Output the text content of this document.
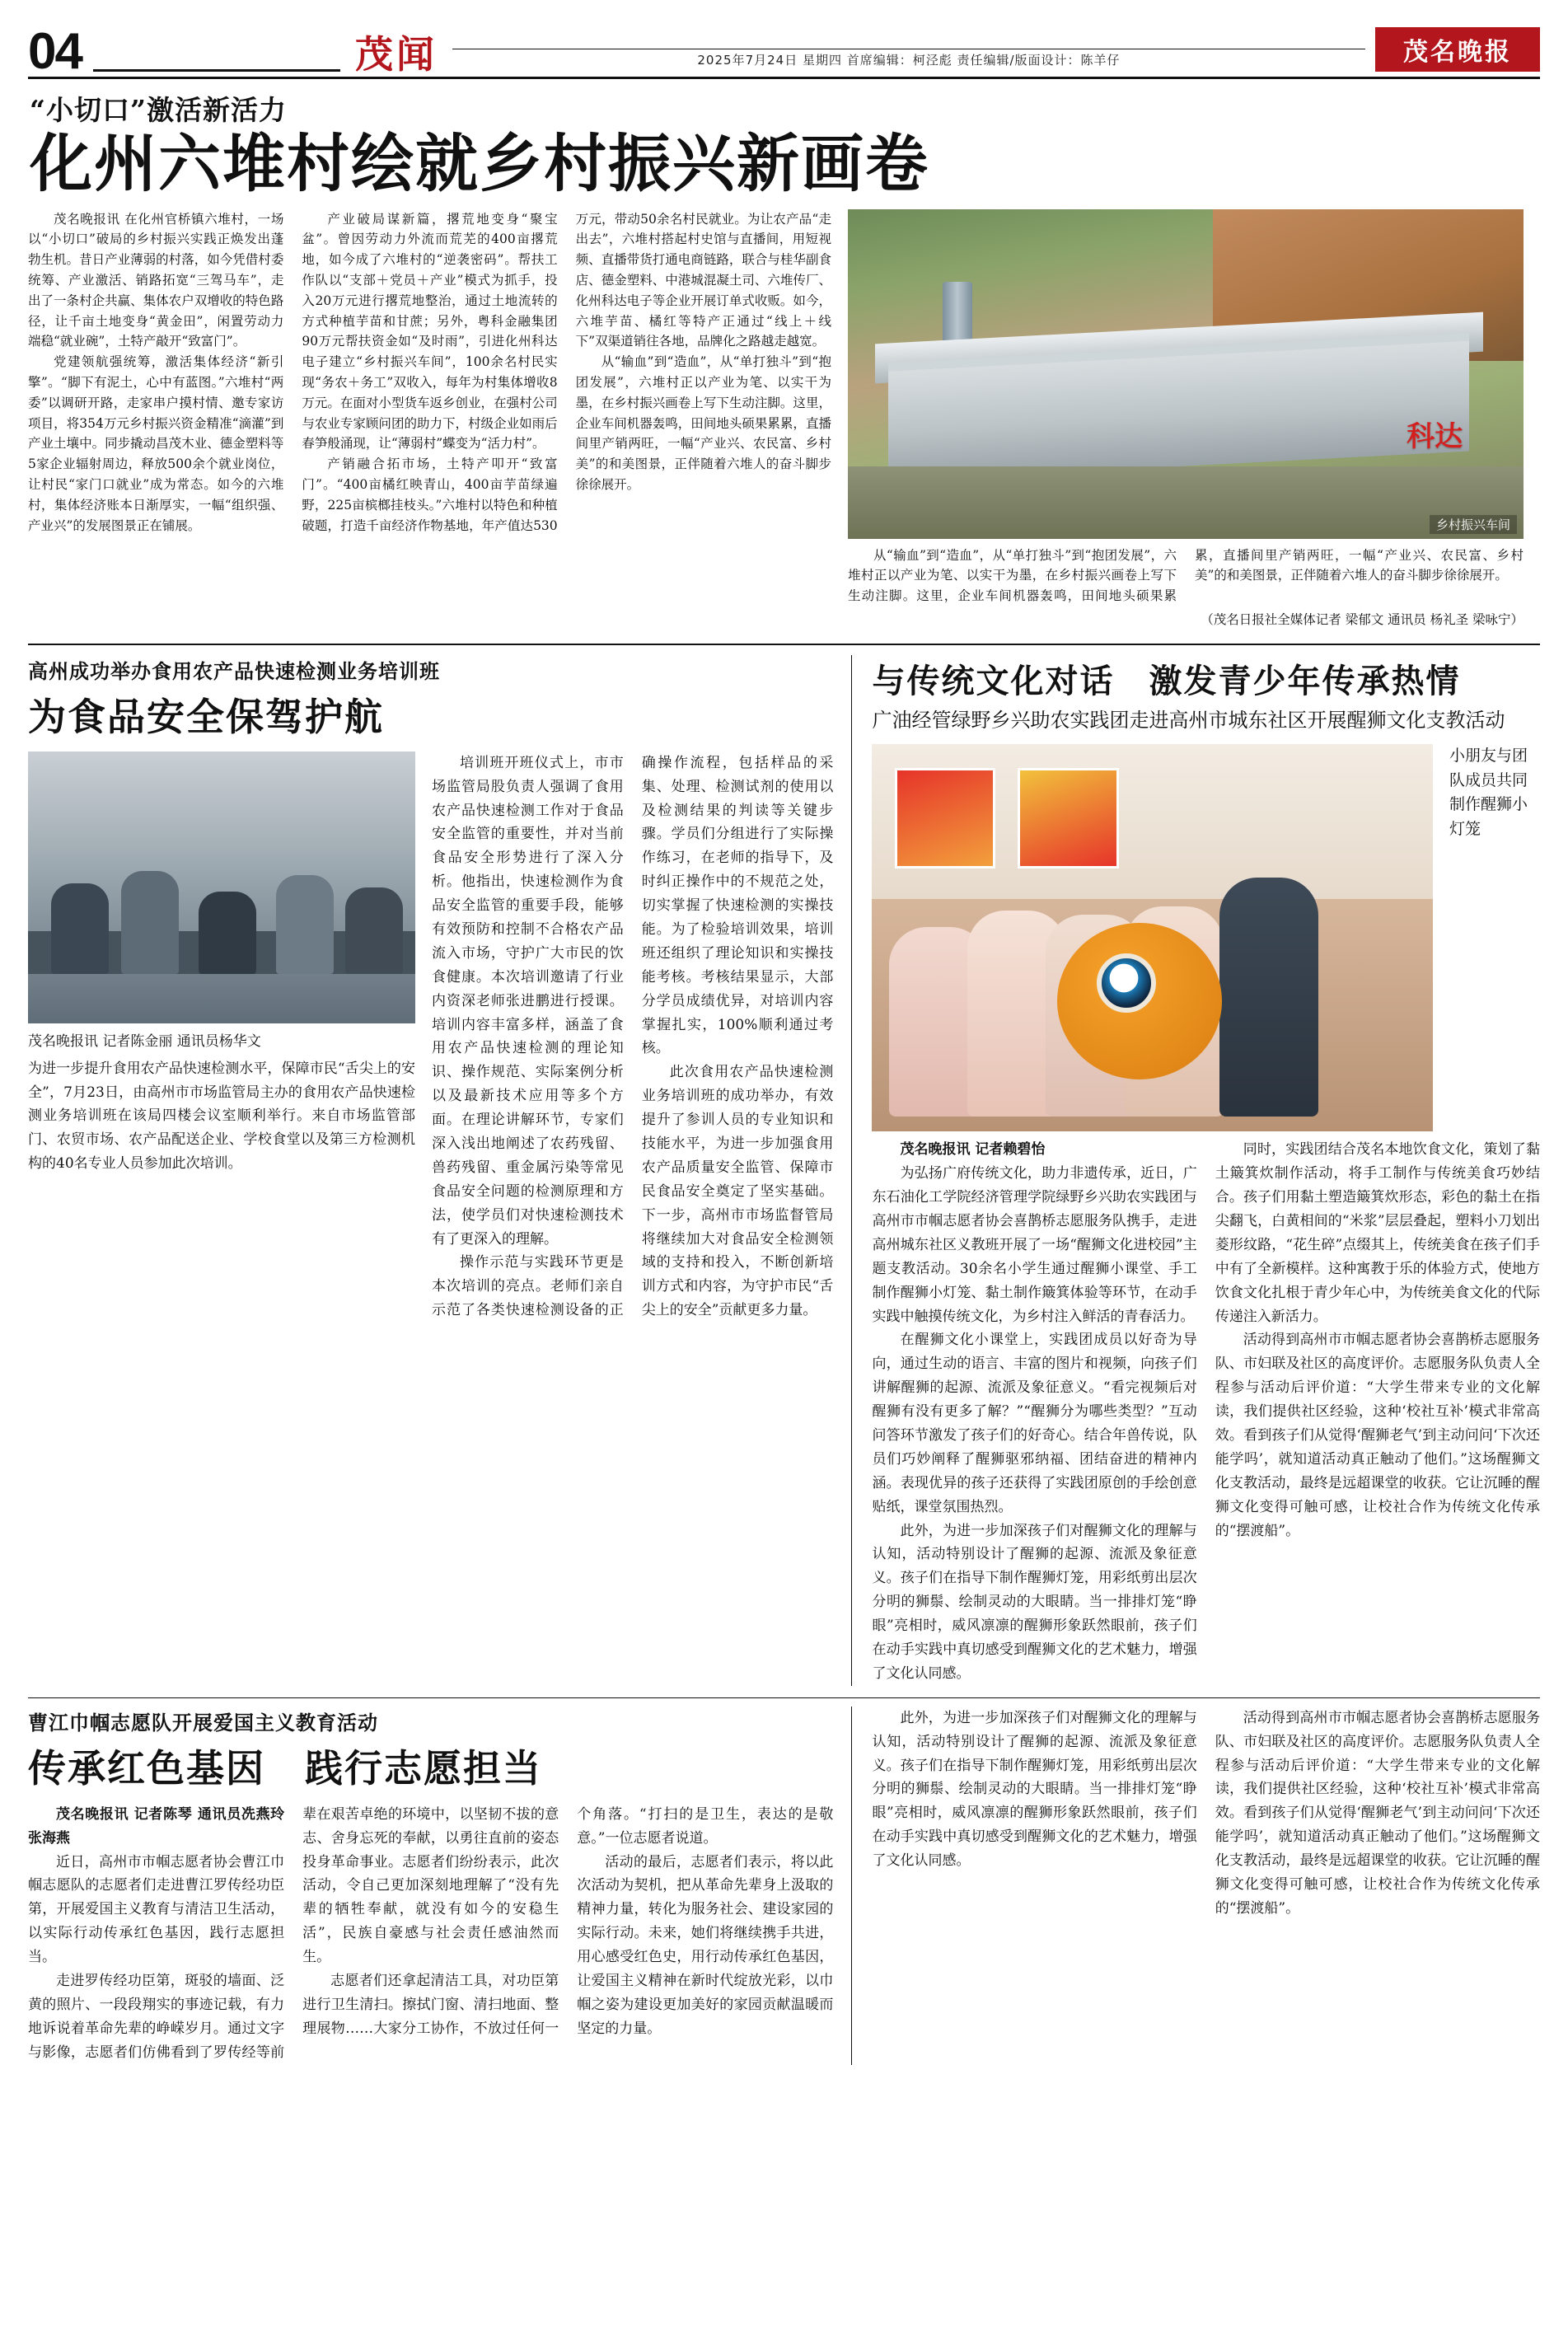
04	茂闻	2025年7月24日 星期四 首席编辑：柯泾彪 责任编辑/版面设计：陈羊仔	茂名晚报
“小切口”激活新活力
化州六堆村绘就乡村振兴新画卷

茂名晚报讯 在化州官桥镇六堆村，一场以“小切口”破局的乡村振兴实践正焕发出蓬勃生机。昔日产业薄弱的村落，如今凭借村委统筹、产业激活、销路拓宽“三驾马车”，走出了一条村企共赢、集体农户双增收的特色路径，让千亩土地变身“黄金田”，闲置劳动力端稳“就业碗”，土特产敲开“致富门”。

党建领航强统筹，激活集体经济“新引擎”。“脚下有泥土，心中有蓝图。”六堆村“两委”以调研开路，走家串户摸村情、邀专家访项目，将354万元乡村振兴资金精准“滴灌”到产业土壤中。同步撬动昌茂木业、德金塑料等5家企业辐射周边，释放500余个就业岗位，让村民“家门口就业”成为常态。如今的六堆村，集体经济账本日渐厚实，一幅“组织强、产业兴”的发展图景正在铺展。

产业破局谋新篇，撂荒地变身“聚宝盆”。曾因劳动力外流而荒芜的400亩撂荒地，如今成了六堆村的“逆袭密码”。帮扶工作队以“支部＋党员＋产业”模式为抓手，投入20万元进行撂荒地整治，通过土地流转的方式种植芋苗和甘蔗；另外，粤科金融集团90万元帮扶资金如“及时雨”，引进化州科达电子建立“乡村振兴车间”，100余名村民实现“务农＋务工”双收入，每年为村集体增收8万元。在面对小型货车返乡创业，在强村公司与农业专家顾问团的助力下，村级企业如雨后春笋般涌现，让“薄弱村”蝶变为“活力村”。

产销融合拓市场，土特产叩开“致富门”。“400亩橘红映青山，400亩芋苗绿遍野，225亩槟榔挂枝头。”六堆村以特色和种植破题，打造千亩经济作物基地，年产值达530万元，带动50余名村民就业。为让农产品“走出去”，六堆村搭起村史馆与直播间，用短视频、直播带货打通电商链路，联合与桂华副食店、德金塑料、中港城混凝土司、六堆传厂、化州科达电子等企业开展订单式收贩。如今，六堆芋苗、橘红等特产正通过“线上＋线下”双渠道销往各地，品牌化之路越走越宽。

从“输血”到“造血”，从“单打独斗”到“抱团发展”，六堆村正以产业为笔、以实干为墨，在乡村振兴画卷上写下生动注脚。这里，企业车间机器轰鸣，田间地头硕果累累，直播间里产销两旺，一幅“产业兴、农民富、乡村美”的和美图景，正伴随着六堆人的奋斗脚步徐徐展开。

科达
乡村振兴车间

从“输血”到“造血”，从“单打独斗”到“抱团发展”，六堆村正以产业为笔、以实干为墨，在乡村振兴画卷上写下生动注脚。这里，企业车间机器轰鸣，田间地头硕果累累，直播间里产销两旺，一幅“产业兴、农民富、乡村美”的和美图景，正伴随着六堆人的奋斗脚步徐徐展开。

（茂名日报社全媒体记者 梁郁文 通讯员 杨礼圣 梁咏宁）
高州成功举办食用农产品快速检测业务培训班
为食品安全保驾护航
茂名晚报讯 记者陈金丽 通讯员杨华文
为进一步提升食用农产品快速检测水平，保障市民“舌尖上的安全”，7月23日，由高州市市场监管局主办的食用农产品快速检测业务培训班在该局四楼会议室顺利举行。来自市场监管部门、农贸市场、农产品配送企业、学校食堂以及第三方检测机构的40名专业人员参加此次培训。

培训班开班仪式上，市市场监管局股负责人强调了食用农产品快速检测工作对于食品安全监管的重要性，并对当前食品安全形势进行了深入分析。他指出，快速检测作为食品安全监管的重要手段，能够有效预防和控制不合格农产品流入市场，守护广大市民的饮食健康。本次培训邀请了行业内资深老师张进鹏进行授课。培训内容丰富多样，涵盖了食用农产品快速检测的理论知识、操作规范、实际案例分析以及最新技术应用等多个方面。在理论讲解环节，专家们深入浅出地阐述了农药残留、兽药残留、重金属污染等常见食品安全问题的检测原理和方法，使学员们对快速检测技术有了更深入的理解。

操作示范与实践环节更是本次培训的亮点。老师们亲自示范了各类快速检测设备的正确操作流程，包括样品的采集、处理、检测试剂的使用以及检测结果的判读等关键步骤。学员们分组进行了实际操作练习，在老师的指导下，及时纠正操作中的不规范之处，切实掌握了快速检测的实操技能。为了检验培训效果，培训班还组织了理论知识和实操技能考核。考核结果显示，大部分学员成绩优异，对培训内容掌握扎实，100%顺利通过考核。

此次食用农产品快速检测业务培训班的成功举办，有效提升了参训人员的专业知识和技能水平，为进一步加强食用农产品质量安全监管、保障市民食品安全奠定了坚实基础。下一步，高州市市场监督管局将继续加大对食品安全检测领域的支持和投入，不断创新培训方式和内容，为守护市民“舌尖上的安全”贡献更多力量。

与传统文化对话　激发青少年传承热情
广油经管绿野乡兴助农实践团走进高州市城东社区开展醒狮文化支教活动
小朋友与团队成员共同制作醒狮小灯笼

茂名晚报讯 记者赖碧怡

为弘扬广府传统文化，助力非遗传承，近日，广东石油化工学院经济管理学院绿野乡兴助农实践团与高州市市帼志愿者协会喜鹊桥志愿服务队携手，走进高州城东社区义教班开展了一场“醒狮文化进校园”主题支教活动。30余名小学生通过醒狮小课堂、手工制作醒狮小灯笼、黏土制作簸箕体验等环节，在动手实践中触摸传统文化，为乡村注入鲜活的青春活力。

在醒狮文化小课堂上，实践团成员以好奇为导向，通过生动的语言、丰富的图片和视频，向孩子们讲解醒狮的起源、流派及象征意义。“看完视频后对醒狮有没有更多了解？”“醒狮分为哪些类型？”互动问答环节激发了孩子们的好奇心。结合年兽传说，队员们巧妙阐释了醒狮驱邪纳福、团结奋进的精神内涵。表现优异的孩子还获得了实践团原创的手绘创意贴纸，课堂氛围热烈。

此外，为进一步加深孩子们对醒狮文化的理解与认知，活动特别设计了醒狮的起源、流派及象征意义。孩子们在指导下制作醒狮灯笼，用彩纸剪出层次分明的狮鬃、绘制灵动的大眼睛。当一排排灯笼“睁眼”亮相时，威风凛凛的醒狮形象跃然眼前，孩子们在动手实践中真切感受到醒狮文化的艺术魅力，增强了文化认同感。

同时，实践团结合茂名本地饮食文化，策划了黏土簸箕炊制作活动，将手工制作与传统美食巧妙结合。孩子们用黏土塑造簸箕炊形态，彩色的黏土在指尖翻飞，白黄相间的“米浆”层层叠起，塑料小刀划出菱形纹路，“花生碎”点缀其上，传统美食在孩子们手中有了全新模样。这种寓教于乐的体验方式，使地方饮食文化扎根于青少年心中，为传统美食文化的代际传递注入新活力。

活动得到高州市市帼志愿者协会喜鹊桥志愿服务队、市妇联及社区的高度评价。志愿服务队负责人全程参与活动后评价道：“大学生带来专业的文化解读，我们提供社区经验，这种‘校社互补’模式非常高效。看到孩子们从觉得‘醒狮老气’到主动问问‘下次还能学吗’，就知道活动真正触动了他们。”这场醒狮文化支教活动，最终是远超课堂的收获。它让沉睡的醒狮文化变得可触可感，让校社合作为传统文化传承的“摆渡船”。

曹江巾帼志愿队开展爱国主义教育活动
传承红色基因　践行志愿担当

茂名晚报讯 记者陈琴 通讯员冼燕玲 张海燕

近日，高州市市帼志愿者协会曹江巾帼志愿队的志愿者们走进曹江罗传经功臣第，开展爱国主义教育与清洁卫生活动，以实际行动传承红色基因，践行志愿担当。

走进罗传经功臣第，斑驳的墙面、泛黄的照片、一段段翔实的事迹记载，有力地诉说着革命先辈的峥嵘岁月。通过文字与影像，志愿者们仿佛看到了罗传经等前辈在艰苦卓绝的环境中，以坚韧不拔的意志、舍身忘死的奉献，以勇往直前的姿态投身革命事业。志愿者们纷纷表示，此次活动，令自己更加深刻地理解了“没有先辈的牺牲奉献，就没有如今的安稳生活”，民族自豪感与社会责任感油然而生。

志愿者们还拿起清洁工具，对功臣第进行卫生清扫。擦拭门窗、清扫地面、整理展物……大家分工协作，不放过任何一个角落。“打扫的是卫生，表达的是敬意。”一位志愿者说道。

活动的最后，志愿者们表示，将以此次活动为契机，把从革命先辈身上汲取的精神力量，转化为服务社会、建设家园的实际行动。未来，她们将继续携手共进，用心感受红色史，用行动传承红色基因，让爱国主义精神在新时代绽放光彩，以巾帼之姿为建设更加美好的家园贡献温暖而坚定的力量。

此外，为进一步加深孩子们对醒狮文化的理解与认知，活动特别设计了醒狮的起源、流派及象征意义。孩子们在指导下制作醒狮灯笼，用彩纸剪出层次分明的狮鬃、绘制灵动的大眼睛。当一排排灯笼“睁眼”亮相时，威风凛凛的醒狮形象跃然眼前，孩子们在动手实践中真切感受到醒狮文化的艺术魅力，增强了文化认同感。

活动得到高州市市帼志愿者协会喜鹊桥志愿服务队、市妇联及社区的高度评价。志愿服务队负责人全程参与活动后评价道：“大学生带来专业的文化解读，我们提供社区经验，这种‘校社互补’模式非常高效。看到孩子们从觉得‘醒狮老气’到主动问问‘下次还能学吗’，就知道活动真正触动了他们。”这场醒狮文化支教活动，最终是远超课堂的收获。它让沉睡的醒狮文化变得可触可感，让校社合作为传统文化传承的“摆渡船”。
